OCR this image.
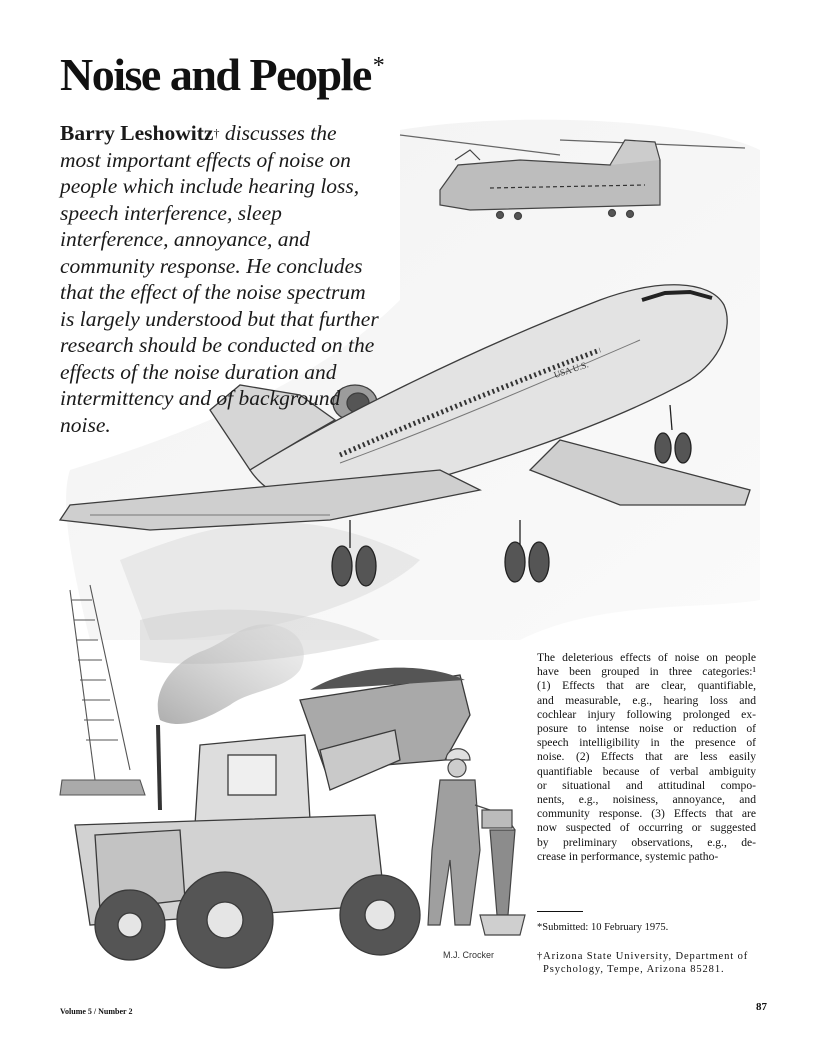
USA U.S.
M.J. Crocker
Noise and People*
Barry Leshowitz† discusses the
most important effects of noise on
people which include hearing loss,
speech interference, sleep
interference, annoyance, and
community response. He concludes
that the effect of the noise spectrum
is largely understood but that further
research should be conducted on the
effects of the noise duration and
intermittency and of background
noise.
The deleterious effects of noise on people
have been grouped in three categories:¹
(1) Effects that are clear, quantifiable,
and measurable, e.g., hearing loss and
cochlear injury following prolonged ex-
posure to intense noise or reduction of
speech intelligibility in the presence of
noise. (2) Effects that are less easily
quantifiable because of verbal ambiguity
or situational and attitudinal compo-
nents, e.g., noisiness, annoyance, and
community response. (3) Effects that are
now suspected of occurring or suggested
by preliminary observations, e.g., de-
crease in performance, systemic patho-
*Submitted: 10 February 1975.
†Arizona State University, Department of
Psychology, Tempe, Arizona 85281.
Volume 5 / Number 2	87
